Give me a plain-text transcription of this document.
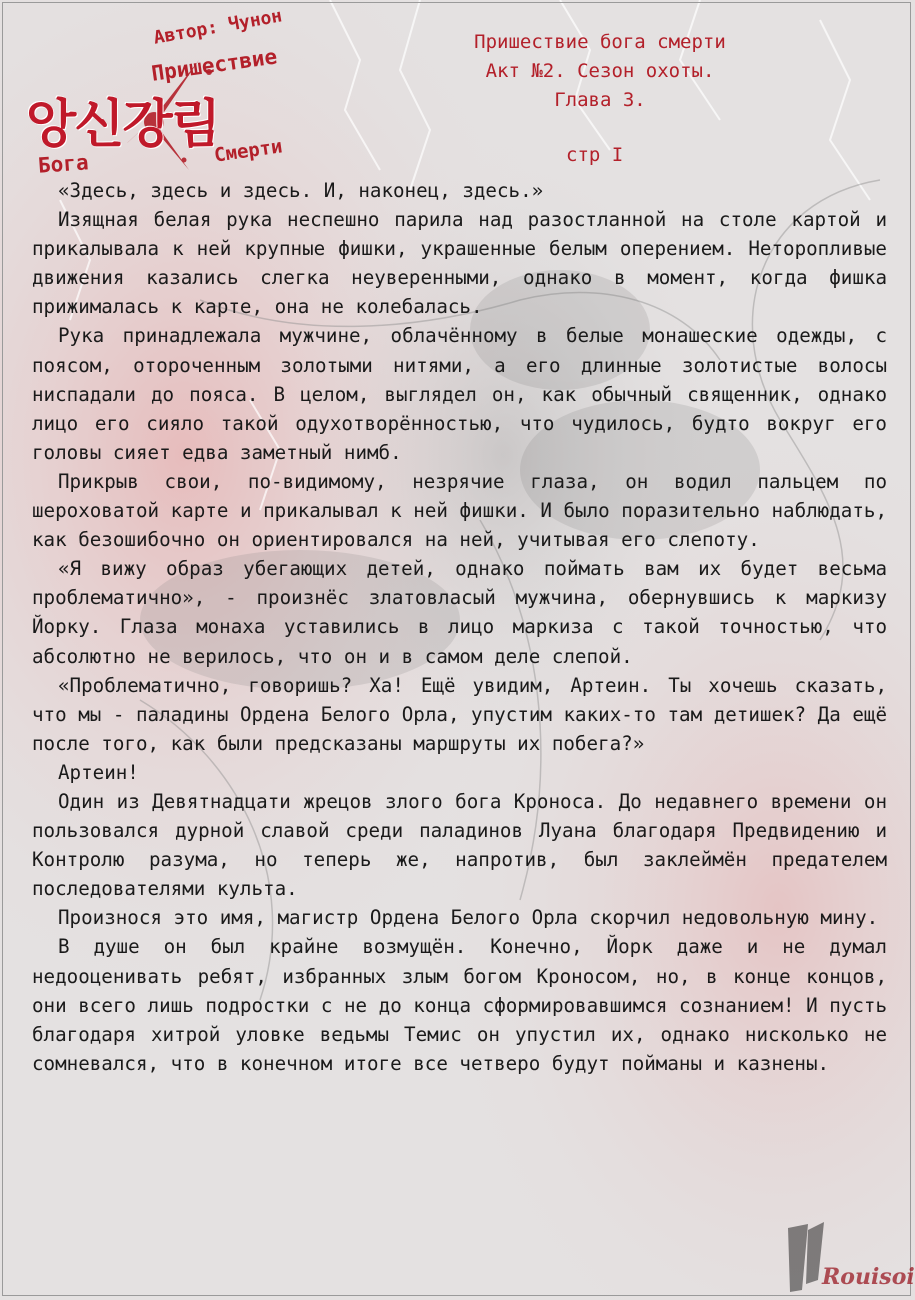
Автор: Чунон
Пришествие
앙신강림
Бога	Смерти
Пришествие бога смерти
Акт №2. Сезон охоты.
Глава 3.
стр I

«Здесь, здесь и здесь. И, наконец, здесь.»

Изящная белая рука неспешно парила над разостланной на столе картой и прикалывала к ней крупные фишки, украшенные белым оперением. Неторопливые движения казались слегка неуверенными, однако в момент, когда фишка прижималась к карте, она не колебалась.

Рука принадлежала мужчине, облачённому в белые монашеские одежды, с поясом, отороченным золотыми нитями, а его длинные золотистые волосы ниспадали до пояса. В целом, выглядел он, как обычный священник, однако лицо его сияло такой одухотворённостью, что чудилось, будто вокруг его головы сияет едва заметный нимб.

Прикрыв свои, по-видимому, незрячие глаза, он водил пальцем по шероховатой карте и прикалывал к ней фишки. И было поразительно наблюдать, как безошибочно он ориентировался на ней, учитывая его слепоту.

«Я вижу образ убегающих детей, однако поймать вам их будет весьма проблематично», - произнёс златовласый мужчина, обернувшись к маркизу Йорку. Глаза монаха уставились в лицо маркиза с такой точностью, что абсолютно не верилось, что он и в самом деле слепой.

«Проблематично, говоришь? Ха! Ещё увидим, Артеин. Ты хочешь сказать, что мы - паладины Ордена Белого Орла, упустим каких-то там детишек? Да ещё после того, как были предсказаны маршруты их побега?»

Артеин!

Один из Девятнадцати жрецов злого бога Кроноса. До недавнего времени он пользовался дурной славой среди паладинов Луана благодаря Предвидению и Контролю разума, но теперь же, напротив, был заклеймён предателем последователями культа.

Произнося это имя, магистр Ордена Белого Орла скорчил недовольную мину.

В душе он был крайне возмущён. Конечно, Йорк даже и не думал недооценивать ребят, избранных злым богом Кроносом, но, в конце концов, они всего лишь подростки с не до конца сформировавшимся сознанием! И пусть благодаря хитрой уловке ведьмы Темис он упустил их, однако нисколько не сомневался, что в конечном итоге все четверо будут пойманы и казнены.

Rouisoi
